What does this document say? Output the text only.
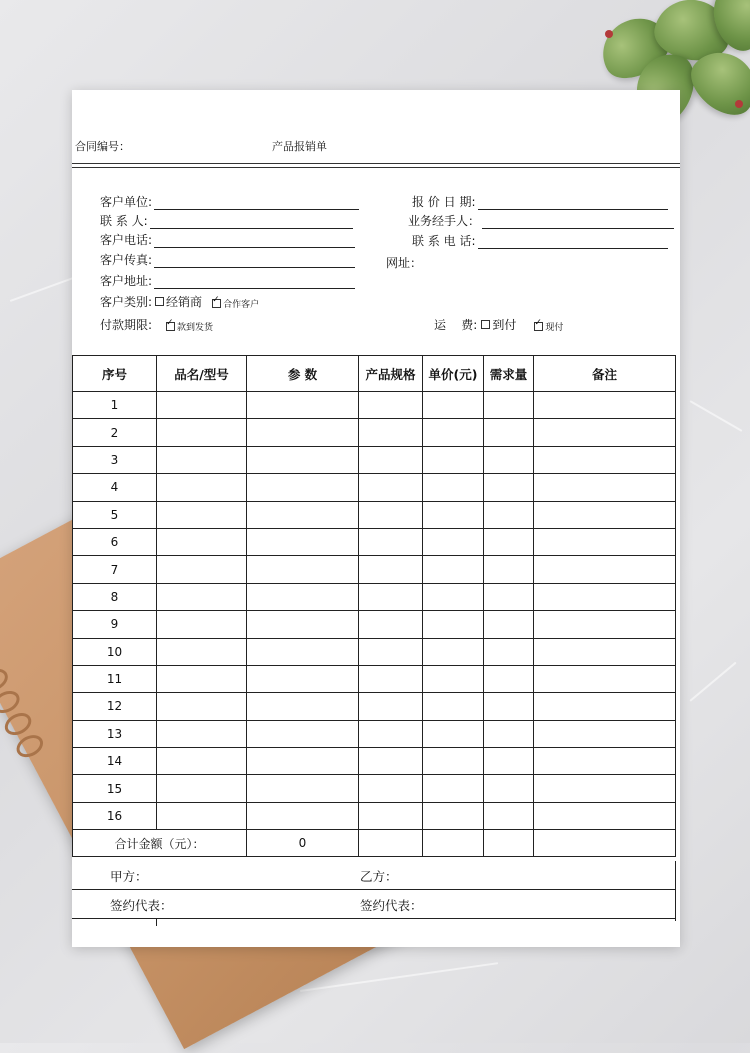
合同编号：	产品报销单
客户单位:
联 系 人:
客户电话:
客户传真:
客户地址:
客户类别:	经销商 ✓	合作客户
付款期限: ✓	款到发货
报 价 日 期:
业务经手人：
联 系 电 话:
网址：
运    费:	到付 ✓	现付
序号	品名/型号	参 数	产品规格	单价(元)	需求量	备注
1						
2						
3						
4						
5						
6						
7						
8						
9						
10						
11						
12						
13						
14						
15						
16						
合计金额（元）：		0				
甲方：	乙方：
签约代表：	签约代表：
